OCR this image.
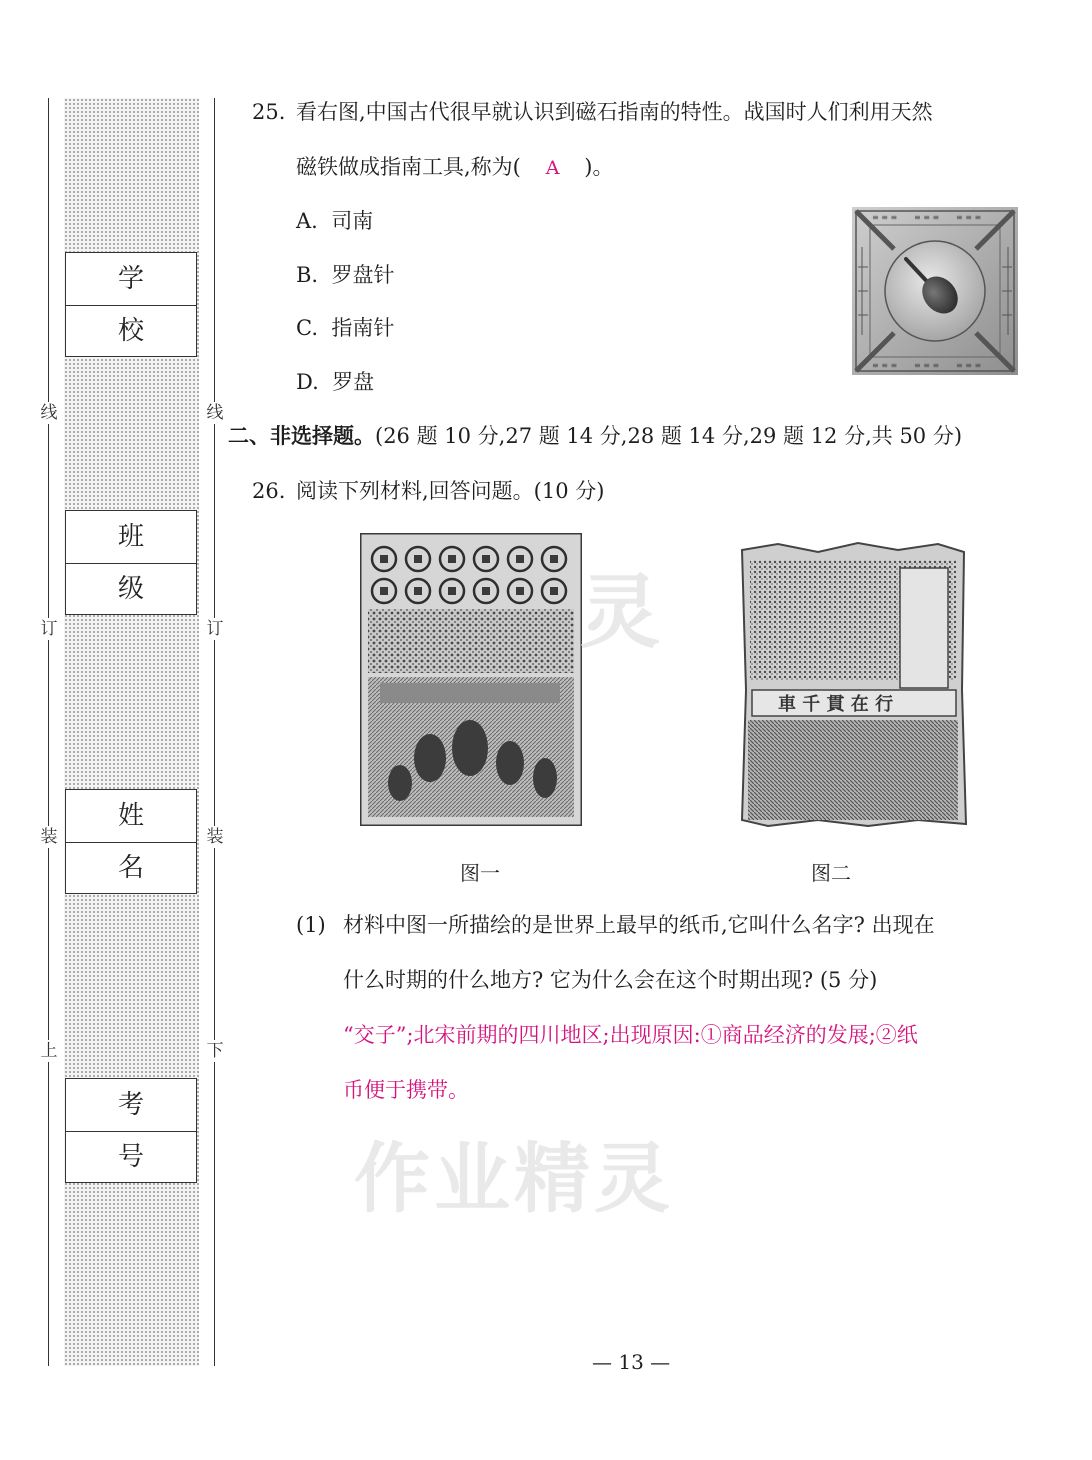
学 校
班 级
姓 名
考 号
线
订
装
上
线
订
装
下
25. 看右图,中国古代很早就认识到磁石指南的特性。战国时人们利用天然
磁铁做成指南工具,称为( A )。
A. 司南
B. 罗盘针
C. 指南针
D. 罗盘
≡ ≡ ≡ ≡ ≡ ≡ ≡ ≡ ≡
≡ ≡ ≡ ≡ ≡ ≡ ≡ ≡ ≡
二、非选择题。(26 题 10 分,27 题 14 分,28 题 14 分,29 题 12 分,共 50 分)
26. 阅读下列材料,回答问题。(10 分)
車 千 貫 在 行
灵
图一	图二
(1) 材料中图一所描绘的是世界上最早的纸币,它叫什么名字? 出现在
什么时期的什么地方? 它为什么会在这个时期出现? (5 分)
“交子”;北宋前期的四川地区;出现原因:①商品经济的发展;②纸
币便于携带。
作业精灵
— 13 —
